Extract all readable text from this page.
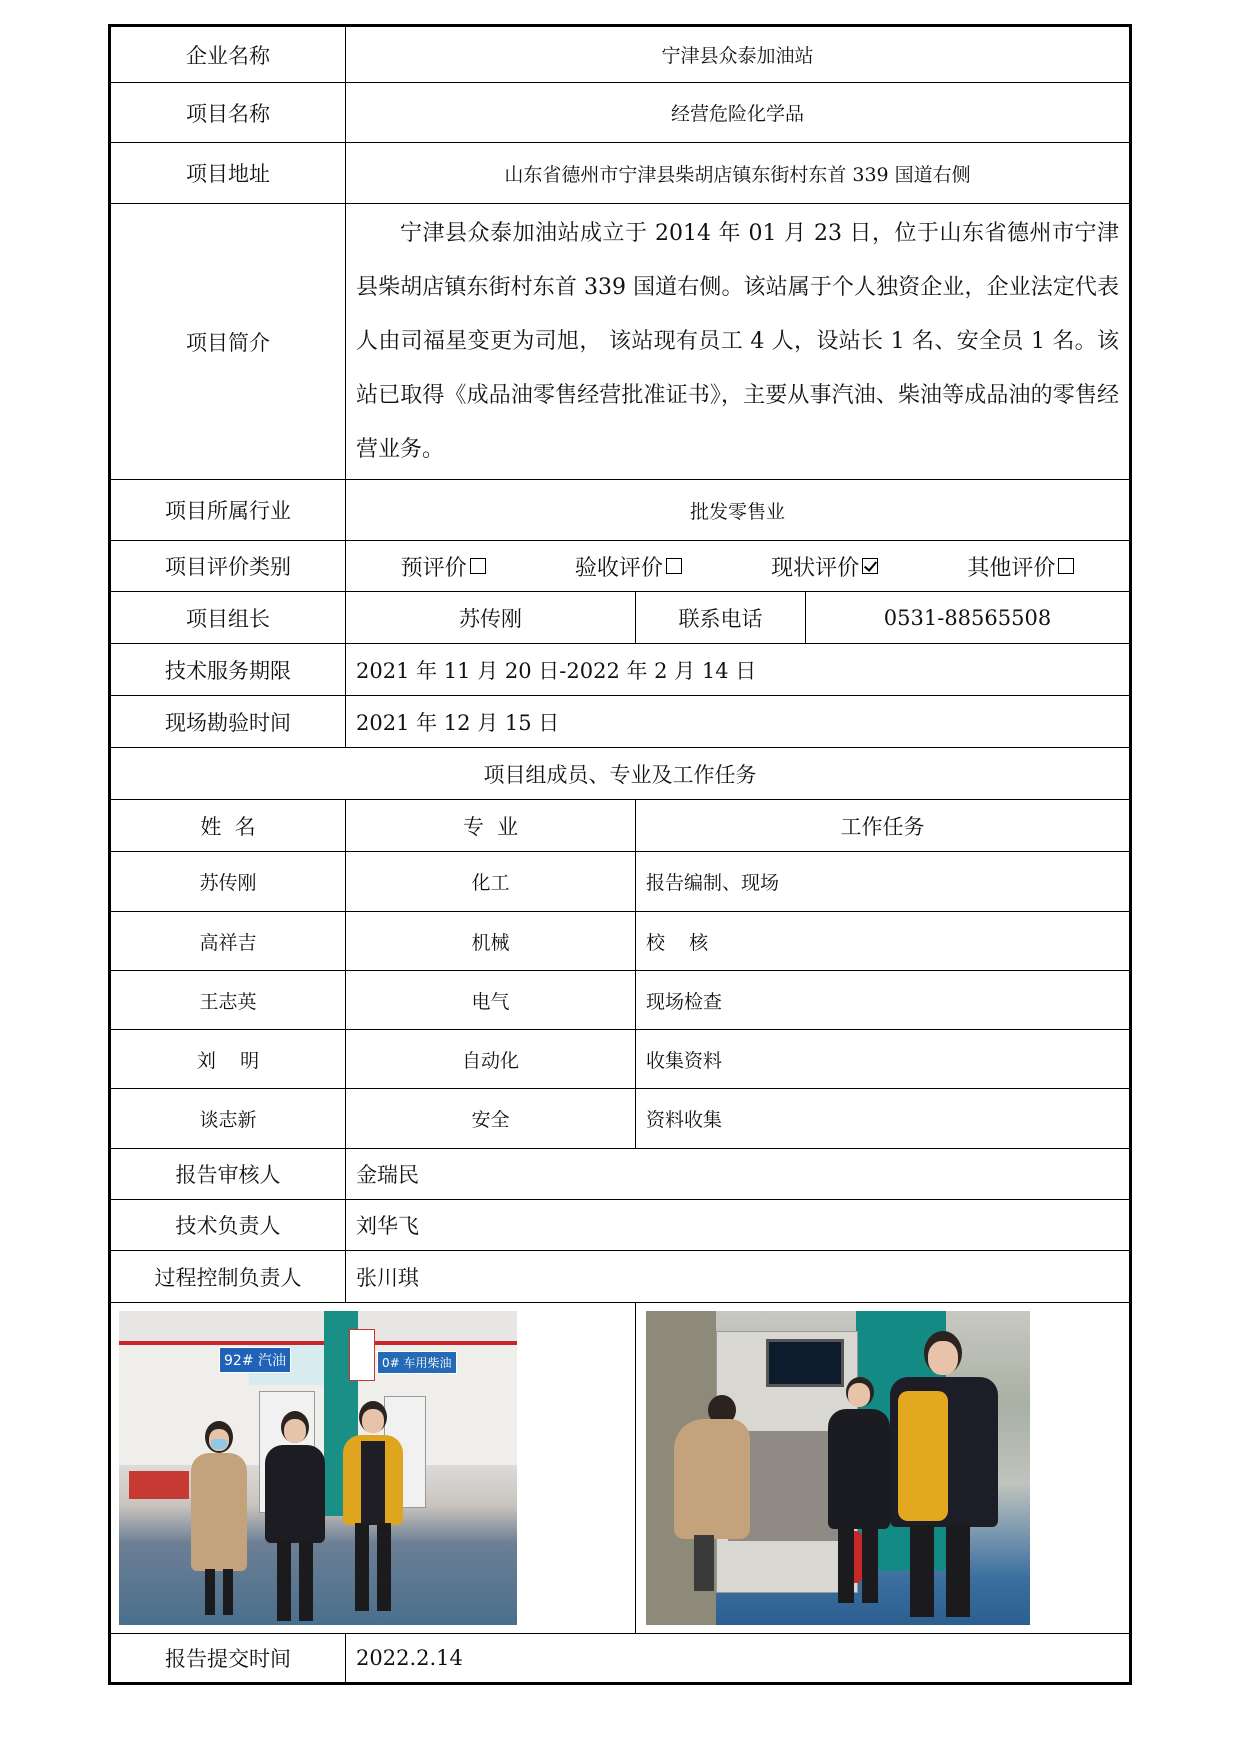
企业名称	宁津县众泰加油站		
项目名称	经营危险化学品		
项目地址	山东省德州市宁津县柴胡店镇东街村东首 339 国道右侧		
项目简介	宁津县众泰加油站成立于 2014 年 01 月 23 日，位于山东省德州市宁津县柴胡店镇东街村东首 339 国道右侧。该站属于个人独资企业，企业法定代表人由司福星变更为司旭， 该站现有员工 4 人，设站长 1 名、安全员 1 名。该站已取得《成品油零售经营批准证书》，主要从事汽油、柴油等成品油的零售经营业务。		

项目所属行业	批发零售业		
项目评价类别	预评价 验收评价 现状评价 其他评价		

项目组长	苏传刚	联系电话	0531-88565508
技术服务期限	2021 年 11 月 20 日-2022 年 2 月 14 日		
现场勘验时间	2021 年 12 月 15 日		
项目组成员、专业及工作任务			
姓  名	专  业	工作任务	
苏传刚	化工	报告编制、现场	
高祥吉	机械	校    核	
王志英	电气	现场检查	
刘    明	自动化	收集资料	
谈志新	安全	资料收集	
报告审核人	金瑞民		
技术负责人	刘华飞		
过程控制负责人	张川琪		

92# 汽油 0# 车用柴油			

报告提交时间	2022.2.14		
